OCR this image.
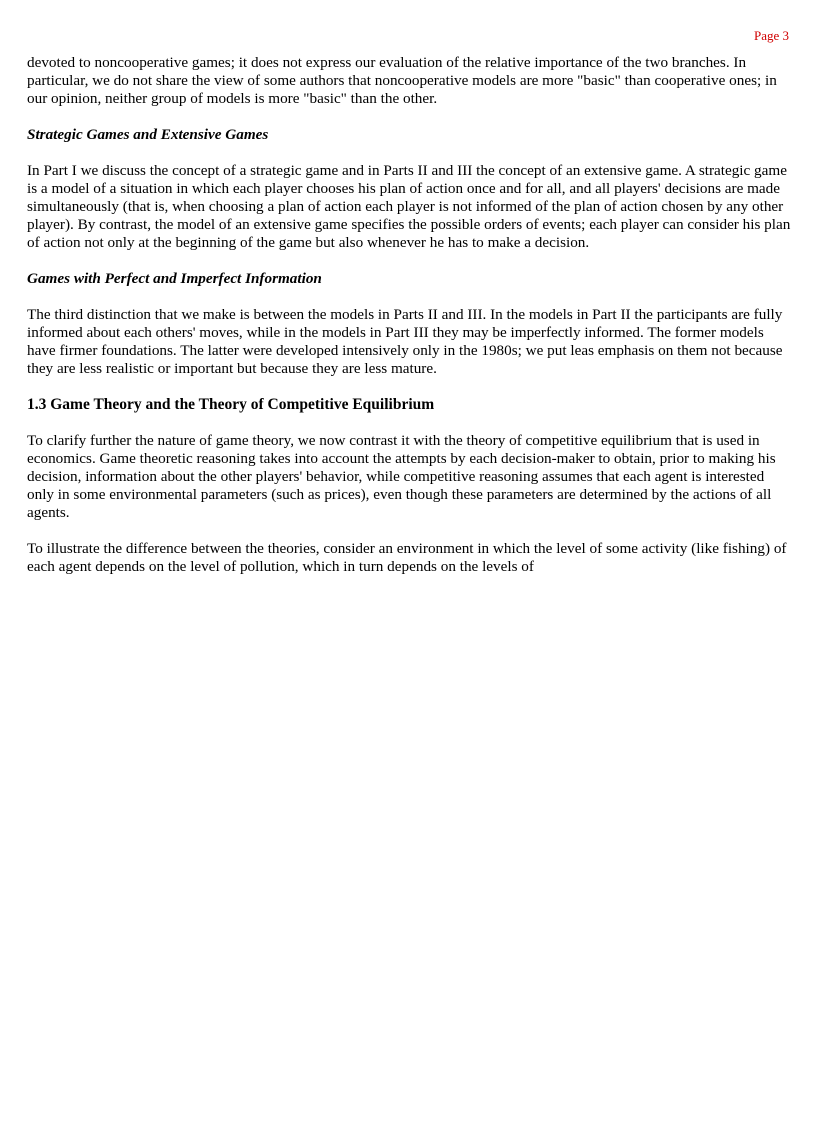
Page 3

devoted to noncooperative games; it does not express our evaluation of the relative importance of the two branches. In particular, we do not share the view of some authors that noncooperative models are more "basic" than cooperative ones; in our opinion, neither group of models is more "basic" than the other.

Strategic Games and Extensive Games

In Part I we discuss the concept of a strategic game and in Parts II and III the concept of an extensive game. A strategic game is a model of a situation in which each player chooses his plan of action once and for all, and all players' decisions are made simultaneously (that is, when choosing a plan of action each player is not informed of the plan of action chosen by any other player). By contrast, the model of an extensive game specifies the possible orders of events; each player can consider his plan of action not only at the beginning of the game but also whenever he has to make a decision.

Games with Perfect and Imperfect Information

The third distinction that we make is between the models in Parts II and III. In the models in Part II the participants are fully informed about each others' moves, while in the models in Part III they may be imperfectly informed. The former models have firmer foundations. The latter were developed intensively only in the 1980s; we put leas emphasis on them not because they are less realistic or important but because they are less mature.

1.3 Game Theory and the Theory of Competitive Equilibrium

To clarify further the nature of game theory, we now contrast it with the theory of competitive equilibrium that is used in economics. Game theoretic reasoning takes into account the attempts by each decision-maker to obtain, prior to making his decision, information about the other players' behavior, while competitive reasoning assumes that each agent is interested only in some environmental parameters (such as prices), even though these parameters are determined by the actions of all agents.

To illustrate the difference between the theories, consider an environment in which the level of some activity (like fishing) of each agent depends on the level of pollution, which in turn depends on the levels of
